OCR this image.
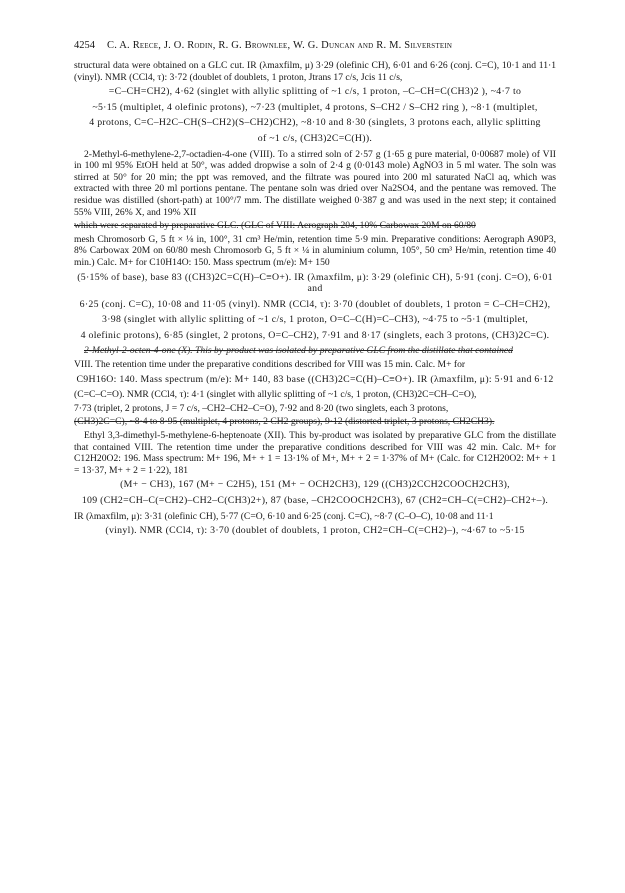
4254 C. A. Reece, J. O. Rodin, R. G. Brownlee, W. G. Duncan and R. M. Silverstein

structural data were obtained on a GLC cut. IR (λmaxfilm, μ) 3·29 (olefinic CH), 6·01 and 6·26 (conj. C=C), 10·1 and 11·1 (vinyl). NMR (CCl4, τ): 3·72 (doublet of doublets, 1 proton, Jtrans 17 c/s, Jcis 11 c/s,

=C–CH=CH2), 4·62 (singlet with allylic splitting of ~1 c/s, 1 proton, –C–CH=C(CH3)2 ), ~4·7 to
~5·15 (multiplet, 4 olefinic protons), ~7·23 (multiplet, 4 protons, S–CH2 / S–CH2 ring ), ~8·1 (multiplet,
4 protons, C=C–H2C–CH(S–CH2)(S–CH2)CH2), ~8·10 and 8·30 (singlets, 3 protons each, allylic splitting
of ~1 c/s, (CH3)2C=C(H)).

2-Methyl-6-methylene-2,7-octadien-4-one (VIII). To a stirred soln of 2·57 g (1·65 g pure material, 0·00687 mole) of VII in 100 ml 95% EtOH held at 50°, was added dropwise a soln of 2·4 g (0·0143 mole) AgNO3 in 5 ml water. The soln was stirred at 50° for 20 min; the ppt was removed, and the filtrate was poured into 200 ml saturated NaCl aq, which was extracted with three 20 ml portions pentane. The pentane soln was dried over Na2SO4, and the pentane was removed. The residue was distilled (short-path) at 100°/7 mm. The distillate weighed 0·387 g and was used in the next step; it contained 55% VIII, 26% X, and 19% XII

which were separated by preparative GLC. (GLC of VIII: Aerograph 204, 10% Carbowax 20M on 60/80

mesh Chromosorb G, 5 ft × ⅛ in, 100°, 31 cm³ He/min, retention time 5·9 min. Preparative conditions: Aerograph A90P3, 8% Carbowax 20M on 60/80 mesh Chromosorb G, 5 ft × ¼ in aluminium column, 105°, 50 cm³ He/min, retention time 40 min.) Calc. M+ for C10H14O: 150. Mass spectrum (m/e): M+ 150

(5·15% of base), base 83 ((CH3)2C=C(H)–C≡O+). IR (λmaxfilm, μ): 3·29 (olefinic CH), 5·91 (conj. C=O), 6·01 and
6·25 (conj. C=C), 10·08 and 11·05 (vinyl). NMR (CCl4, τ): 3·70 (doublet of doublets, 1 proton = C–CH=CH2),
3·98 (singlet with allylic splitting of ~1 c/s, 1 proton, O=C–C(H)=C–CH3), ~4·75 to ~5·1 (multiplet,
4 olefinic protons), 6·85 (singlet, 2 protons, O=C–CH2), 7·91 and 8·17 (singlets, each 3 protons, (CH3)2C=C).

2-Methyl-2-octen-4-one (X). This by-product was isolated by preparative GLC from the distillate that contained

VIII. The retention time under the preparative conditions described for VIII was 15 min. Calc. M+ for

C9H16O: 140. Mass spectrum (m/e): M+ 140, 83 base ((CH3)2C=C(H)–C≡O+). IR (λmaxfilm, μ): 5·91 and 6·12

(C=C–C=O). NMR (CCl4, τ): 4·1 (singlet with allylic splitting of ~1 c/s, 1 proton, (CH3)2C=CH–C=O),

7·73 (triplet, 2 protons, J = 7 c/s, –CH2–CH2–C=O), 7·92 and 8·20 (two singlets, each 3 protons,

(CH3)2C=C), ~8·4 to 8·95 (multiplet, 4 protons, 2 CH2 groups), 9·12 (distorted triplet, 3 protons, CH2CH3).

Ethyl 3,3-dimethyl-5-methylene-6-heptenoate (XII). This by-product was isolated by preparative GLC from the distillate that contained VIII. The retention time under the preparative conditions described for VIII was 42 min. Calc. M+ for C12H20O2: 196. Mass spectrum: M+ 196, M+ + 1 = 13·1% of M+, M+ + 2 = 1·37% of M+ (Calc. for C12H20O2: M+ + 1 = 13·37, M+ + 2 = 1·22), 181

(M+ − CH3), 167 (M+ − C2H5), 151 (M+ − OCH2CH3), 129 ((CH3)2CCH2COOCH2CH3),
109 (CH2=CH–C(=CH2)–CH2–C(CH3)2+), 87 (base, –CH2COOCH2CH3), 67 (CH2=CH–C(=CH2)–CH2+–).

IR (λmaxfilm, μ): 3·31 (olefinic CH), 5·77 (C=O, 6·10 and 6·25 (conj. C=C), ~8·7 (C–O–C), 10·08 and 11·1

(vinyl). NMR (CCl4, τ): 3·70 (doublet of doublets, 1 proton, CH2=CH–C(=CH2)–), ~4·67 to ~5·15
